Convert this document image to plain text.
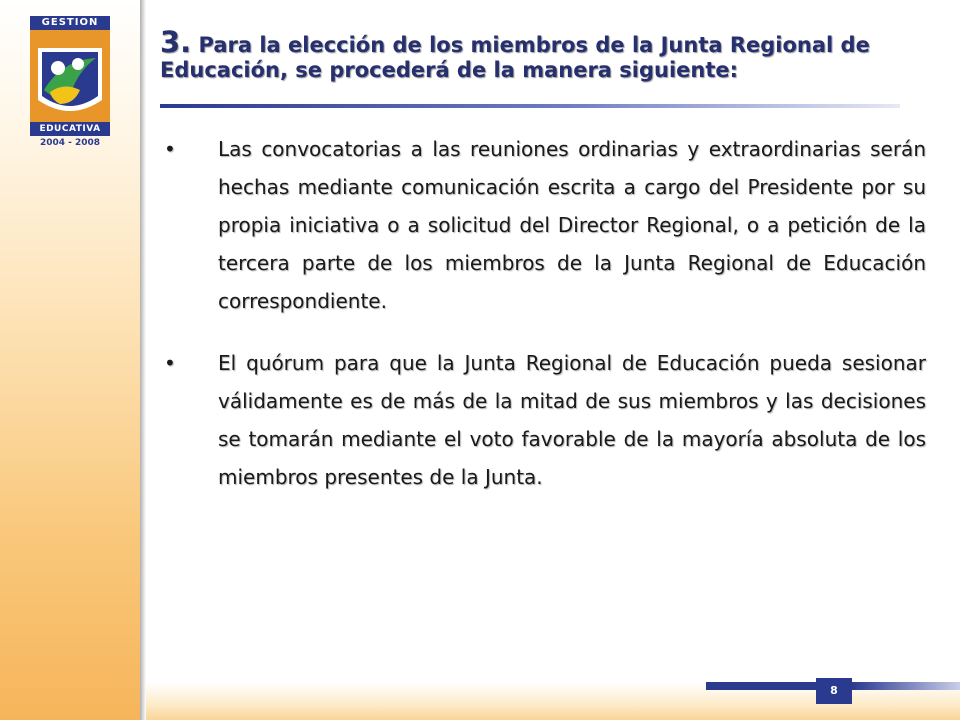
GESTION
EDUCATIVA
2004 - 2008
3. Para la elección de los miembros de la Junta Regional de Educación, se procederá de la manera siguiente:
• Las convocatorias a las reuniones ordinarias y extraordinarias serán hechas mediante comunicación escrita a cargo del Presidente por su propia iniciativa o a solicitud del Director Regional, o a petición de la tercera parte de los miembros de la Junta Regional de Educación correspondiente.
• El quórum para que la Junta Regional de Educación pueda sesionar válidamente es de más de la mitad de sus miembros y las decisiones se tomarán mediante el voto favorable de la mayoría absoluta de los miembros presentes de la Junta.
8
